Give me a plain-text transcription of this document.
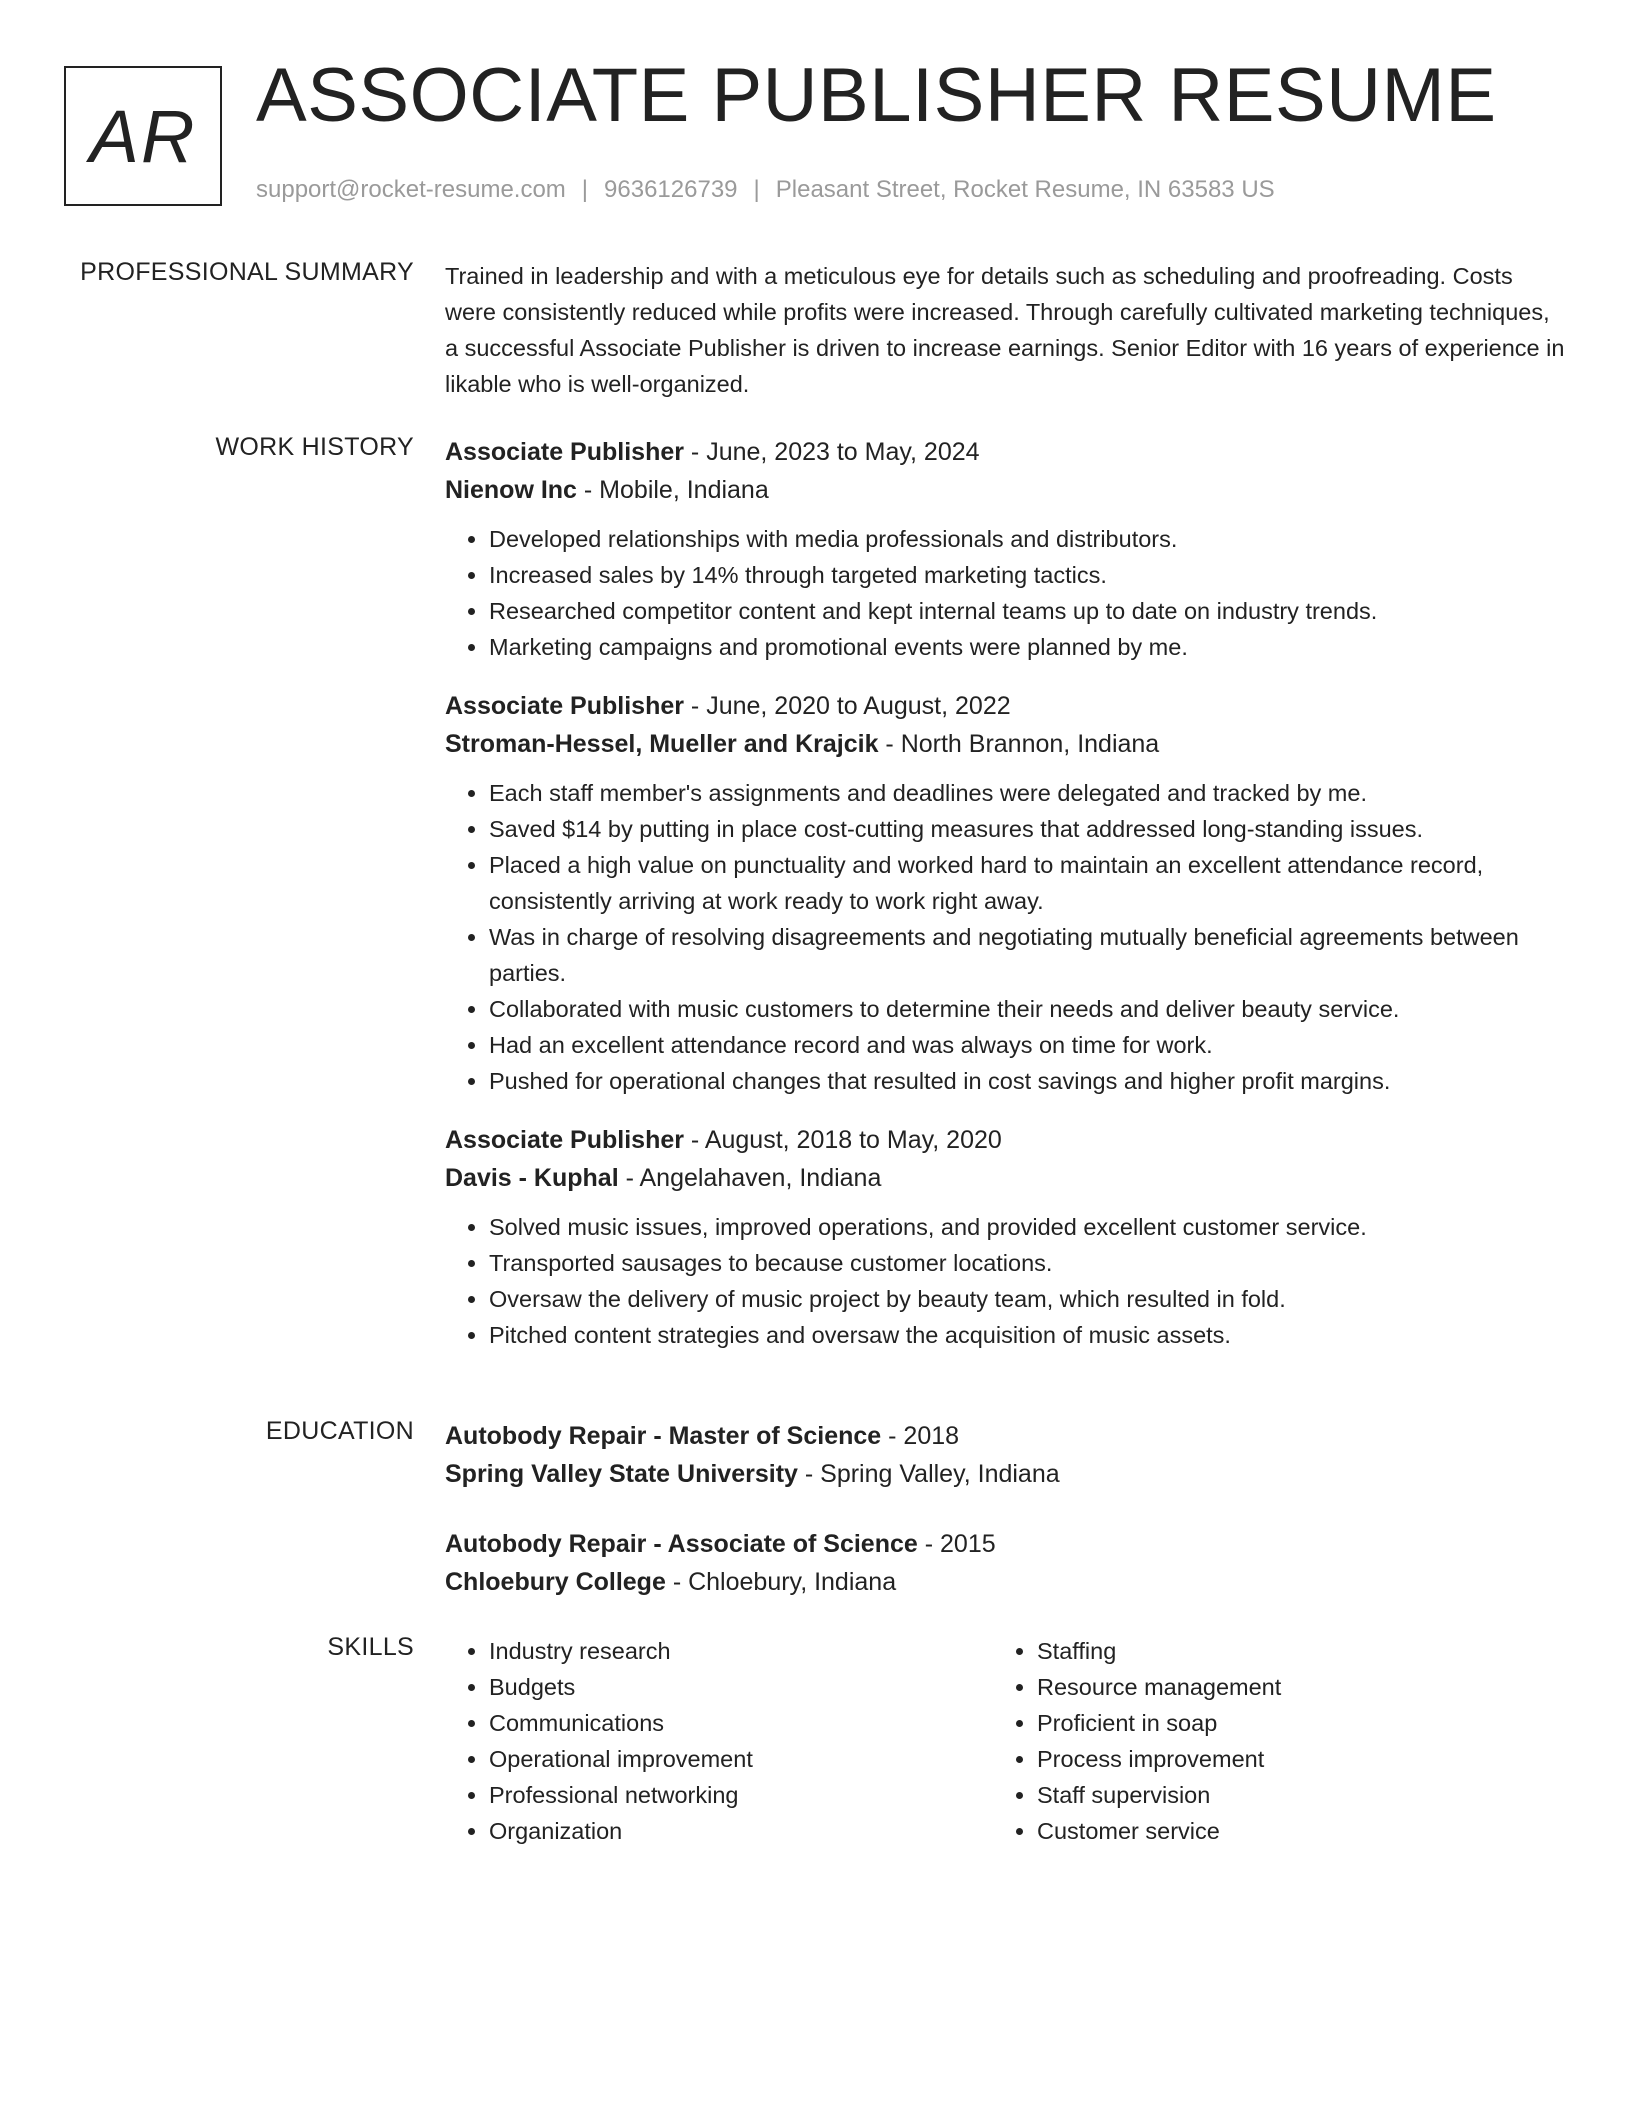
AR ASSOCIATE PUBLISHER RESUME
support@rocket-resume.com | 9636126739 | Pleasant Street, Rocket Resume, IN 63583 US
PROFESSIONAL SUMMARY Trained in leadership and with a meticulous eye for details such as scheduling and proofreading. Costs were consistently reduced while profits were increased. Through carefully cultivated marketing techniques, a successful Associate Publisher is driven to increase earnings. Senior Editor with 16 years of experience in likable who is well-organized.

WORK HISTORY Associate Publisher - June, 2023 to May, 2024
Nienow Inc - Mobile, Indiana
• Developed relationships with media professionals and distributors.
• Increased sales by 14% through targeted marketing tactics.
• Researched competitor content and kept internal teams up to date on industry trends.
• Marketing campaigns and promotional events were planned by me.
Associate Publisher - June, 2020 to August, 2022
Stroman-Hessel, Mueller and Krajcik - North Brannon, Indiana
• Each staff member's assignments and deadlines were delegated and tracked by me.
• Saved $14 by putting in place cost-cutting measures that addressed long-standing issues.
• Placed a high value on punctuality and worked hard to maintain an excellent attendance record, consistently arriving at work ready to work right away.
• Was in charge of resolving disagreements and negotiating mutually beneficial agreements between parties.
• Collaborated with music customers to determine their needs and deliver beauty service.
• Had an excellent attendance record and was always on time for work.
• Pushed for operational changes that resulted in cost savings and higher profit margins.
Associate Publisher - August, 2018 to May, 2020
Davis - Kuphal - Angelahaven, Indiana
• Solved music issues, improved operations, and provided excellent customer service.
• Transported sausages to because customer locations.
• Oversaw the delivery of music project by beauty team, which resulted in fold.
• Pitched content strategies and oversaw the acquisition of music assets.
EDUCATION Autobody Repair - Master of Science - 2018
Spring Valley State University - Spring Valley, Indiana
Autobody Repair - Associate of Science - 2015
Chloebury College - Chloebury, Indiana
SKILLS
•	Industry research
• Budgets
• Communications
• Operational improvement
• Professional networking
• Organization
• Staffing
• Resource management
• Proficient in soap
• Process improvement
• Staff supervision
• Customer service
